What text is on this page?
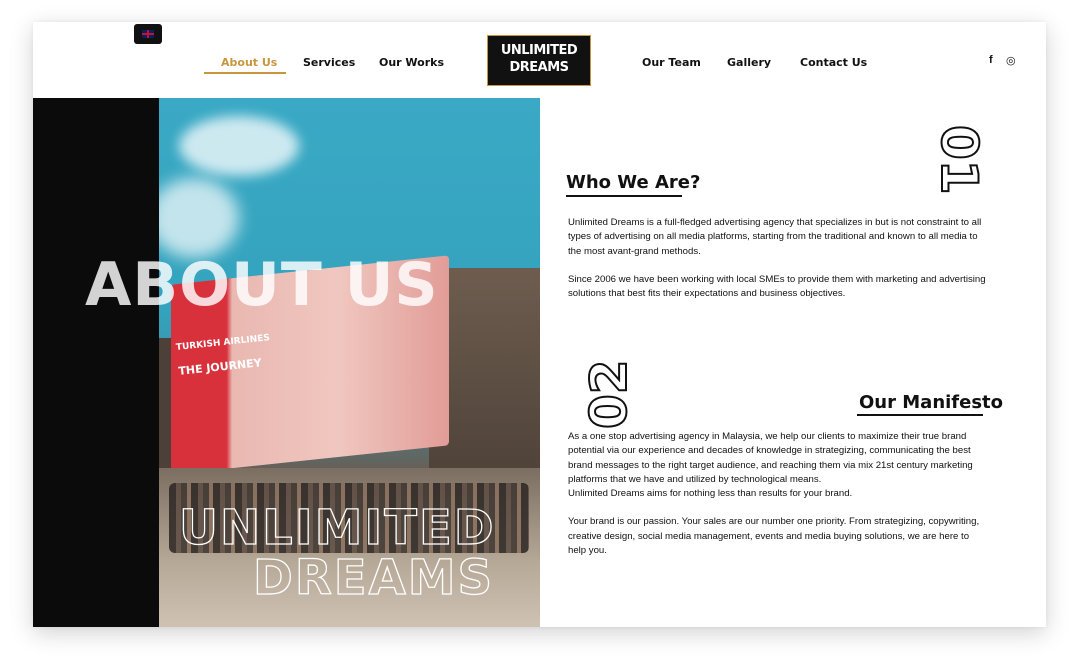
About Us Services Our Works
UNLIMITED
DREAMS	Our Team Gallery	Contact Us	f ◎
TURKISH AIRLINES
THE JOURNEY
ABOUT US
UNLIMITED
DREAMS
01
Who We Are?
Unlimited Dreams is a full-fledged advertising agency that specializes in but is not constraint to all types of advertising on all media platforms, starting from the traditional and known to all media to the most avant-grand methods.
Since 2006 we have been working with local SMEs to provide them with marketing and advertising solutions that best fits their expectations and business objectives.
02	Our Manifesto
As a one stop advertising agency in Malaysia, we help our clients to maximize their true brand potential via our experience and decades of knowledge in strategizing, communicating the best brand messages to the right target audience, and reaching them via mix 21st century marketing platforms that we have and utilized by technological means.
Unlimited Dreams aims for nothing less than results for your brand.
Your brand is our passion. Your sales are our number one priority. From strategizing, copywriting, creative design, social media management, events and media buying solutions, we are here to help you.
